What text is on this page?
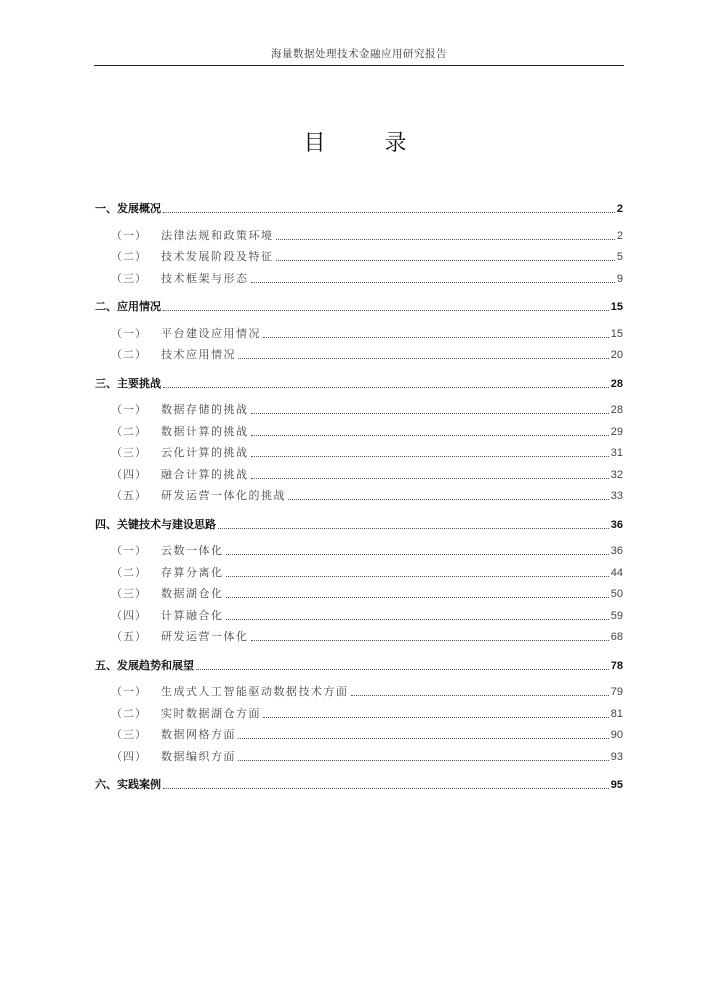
海量数据处理技术金融应用研究报告
目 录
一、发展概况	2
（一）	法律法规和政策环境	2
（二）	技术发展阶段及特征	5
（三）	技术框架与形态	9
二、应用情况	15
（一）	平台建设应用情况	15
（二）	技术应用情况	20
三、主要挑战	28
（一）	数据存储的挑战	28
（二）	数据计算的挑战	29
（三）	云化计算的挑战	31
（四）	融合计算的挑战	32
（五）	研发运营一体化的挑战	33
四、关键技术与建设思路	36
（一）	云数一体化	36
（二）	存算分离化	44
（三）	数据湖仓化	50
（四）	计算融合化	59
（五）	研发运营一体化	68
五、发展趋势和展望	78
（一）	生成式人工智能驱动数据技术方面	79
（二）	实时数据湖仓方面	81
（三）	数据网格方面	90
（四）	数据编织方面	93
六、实践案例	95
